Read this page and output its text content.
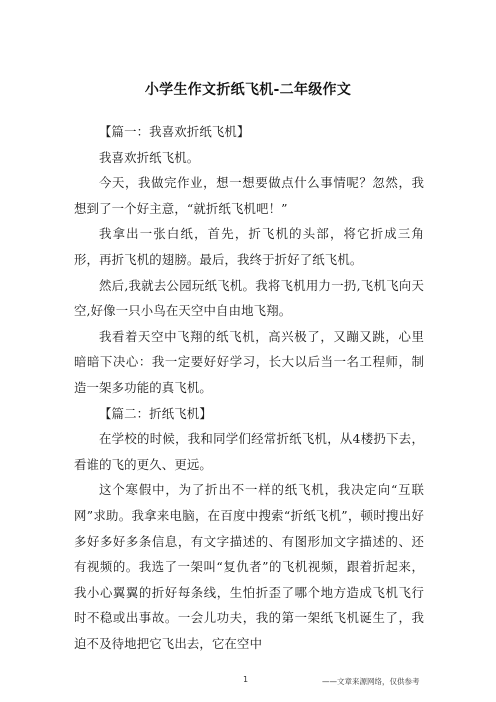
小学生作文折纸飞机-二年级作文

【篇一：我喜欢折纸飞机】

我喜欢折纸飞机。

今天，我做完作业，想一想要做点什么事情呢？忽然，我想到了一个好主意，“就折纸飞机吧！”

我拿出一张白纸，首先，折飞机的头部，将它折成三角形，再折飞机的翅膀。最后，我终于折好了纸飞机。

然后,我就去公园玩纸飞机。我将飞机用力一扔,飞机飞向天空,好像一只小鸟在天空中自由地飞翔。

我看着天空中飞翔的纸飞机，高兴极了，又蹦又跳，心里暗暗下决心：我一定要好好学习，长大以后当一名工程师，制造一架多功能的真飞机。

【篇二：折纸飞机】

在学校的时候，我和同学们经常折纸飞机，从4楼扔下去，看谁的飞的更久、更远。

这个寒假中，为了折出不一样的纸飞机，我决定向“互联网”求助。我拿来电脑，在百度中搜索“折纸飞机”，顿时搜出好多好多好多条信息，有文字描述的、有图形加文字描述的、还有视频的。我选了一架叫“复仇者”的飞机视频，跟着折起来，我小心翼翼的折好每条线，生怕折歪了哪个地方造成飞机飞行时不稳或出事故。一会儿功夫，我的第一架纸飞机诞生了，我迫不及待地把它飞出去，它在空中

1	——文章来源网络，仅供参考
